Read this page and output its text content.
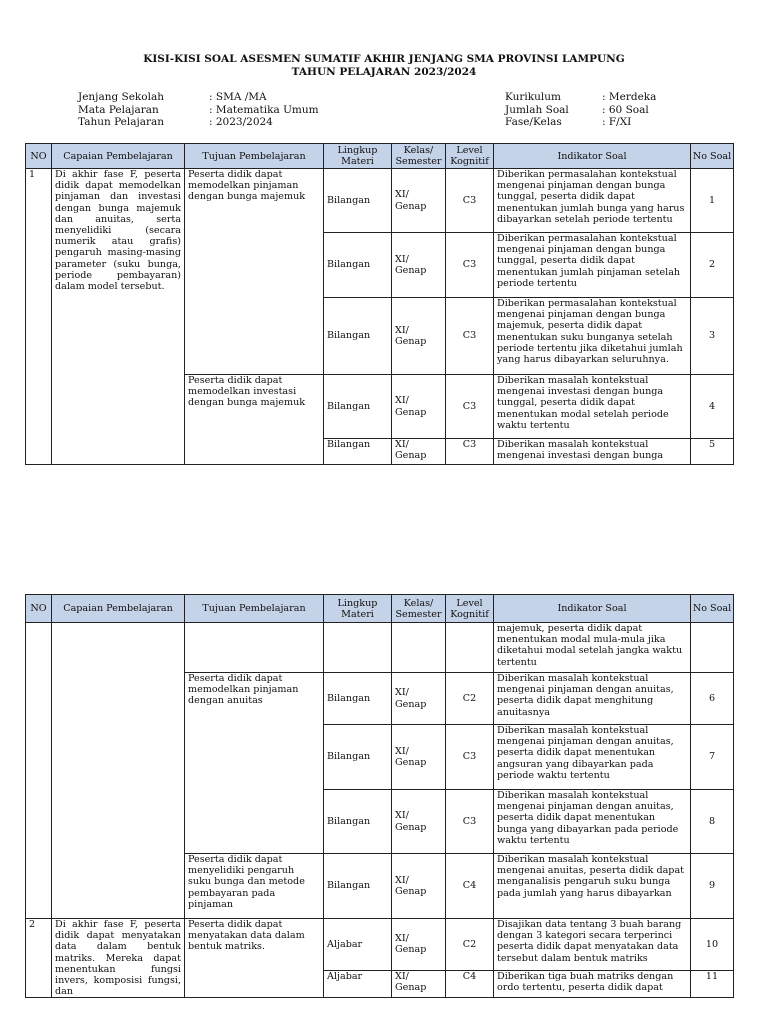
KISI-KISI SOAL ASESMEN SUMATIF AKHIR JENJANG SMA PROVINSI LAMPUNG
TAHUN PELAJARAN 2023/2024
Jenjang Sekolah	: SMA /MA
Mata Pelajaran	: Matematika Umum
Tahun Pelajaran	: 2023/2024
Kurikulum	: Merdeka
Jumlah Soal	: 60 Soal
Fase/Kelas	: F/XI
NO	Capaian Pembelajaran	Tujuan Pembelajaran	Lingkup Materi	Kelas/ Semester	Level Kognitif	Indikator Soal	No Soal
1	Di akhir fase F, peserta didik dapat memodelkan pinjaman dan investasi dengan bunga majemuk dan anuitas, serta menyelidiki (secara numerik atau grafis) pengaruh masing-masing parameter (suku bunga, periode pembayaran) dalam model tersebut.	Peserta didik dapat memodelkan pinjaman dengan bunga majemuk	Bilangan	XI/ Genap	C3	Diberikan permasalahan kontekstual mengenai pinjaman dengan bunga tunggal, peserta didik dapat menentukan jumlah bunga yang harus dibayarkan setelah periode tertentu	1
			Bilangan	XI/ Genap	C3	Diberikan permasalahan kontekstual mengenai pinjaman dengan bunga tunggal, peserta didik dapat menentukan jumlah pinjaman setelah periode tertentu	2
			Bilangan	XI/ Genap	C3	Diberikan permasalahan kontekstual mengenai pinjaman dengan bunga majemuk, peserta didik dapat menentukan suku bunganya setelah periode tertentu jika diketahui jumlah yang harus dibayarkan seluruhnya.	3
		Peserta didik dapat memodelkan investasi dengan bunga majemuk	Bilangan	XI/ Genap	C3	Diberikan masalah kontekstual mengenai investasi dengan bunga tunggal, peserta didik dapat menentukan modal setelah periode waktu tertentu	4
			Bilangan	XI/ Genap	C3	Diberikan masalah kontekstual mengenai investasi dengan bunga	5
NO	Capaian Pembelajaran	Tujuan Pembelajaran	Lingkup Materi	Kelas/ Semester	Level Kognitif	Indikator Soal	No Soal
						majemuk, peserta didik dapat menentukan modal mula-mula jika diketahui modal setelah jangka waktu tertentu	
		Peserta didik dapat memodelkan pinjaman dengan anuitas	Bilangan	XI/ Genap	C2	Diberikan masalah kontekstual mengenai pinjaman dengan anuitas, peserta didik dapat menghitung anuitasnya	6
			Bilangan	XI/ Genap	C3	Diberikan masalah kontekstual mengenai pinjaman dengan anuitas, peserta didik dapat menentukan angsuran yang dibayarkan pada periode waktu tertentu	7
			Bilangan	XI/ Genap	C3	Diberikan masalah kontekstual mengenai pinjaman dengan anuitas, peserta didik dapat menentukan bunga yang dibayarkan pada periode waktu tertentu	8
		Peserta didik dapat menyelidiki pengaruh suku bunga dan metode pembayaran pada pinjaman	Bilangan	XI/ Genap	C4	Diberikan masalah kontekstual mengenai anuitas, peserta didik dapat menganalisis pengaruh suku bunga pada jumlah yang harus dibayarkan	9
2	Di akhir fase F, peserta didik dapat menyatakan data dalam bentuk matriks. Mereka dapat menentukan fungsi invers, komposisi fungsi, dan	Peserta didik dapat menyatakan data dalam bentuk matriks.	Aljabar	XI/ Genap	C2	Disajikan data tentang 3 buah barang dengan 3 kategori secara terperinci peserta didik dapat menyatakan data tersebut dalam bentuk matriks	10
			Aljabar	XI/ Genap	C4	Diberikan tiga buah matriks dengan ordo tertentu, peserta didik dapat	11
